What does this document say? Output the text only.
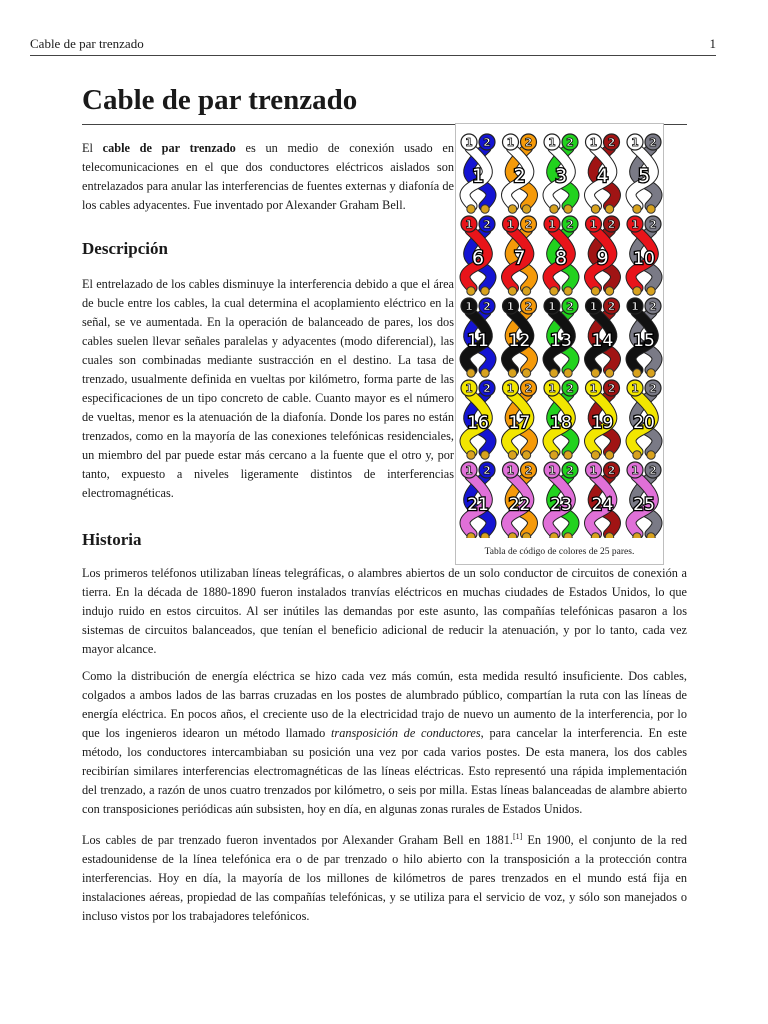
Cable de par trenzado	1
Cable de par trenzado

El cable de par trenzado es un medio de conexión usado en telecomunicaciones en el que dos conductores eléctricos aislados son entrelazados para anular las interferencias de fuentes externas y diafonía de los cables adyacentes. Fue inventado por Alexander Graham Bell.

Descripción

El entrelazado de los cables disminuye la interferencia debido a que el área de bucle entre los cables, la cual determina el acoplamiento eléctrico en la señal, se ve aumentada. En la operación de balanceado de pares, los dos cables suelen llevar señales paralelas y adyacentes (modo diferencial), las cuales son combinadas mediante sustracción en el destino. La tasa de trenzado, usualmente definida en vueltas por kilómetro, forma parte de las especificaciones de un tipo concreto de cable. Cuanto mayor es el número de vueltas, menor es la atenuación de la diafonía. Donde los pares no están trenzados, como en la mayoría de las conexiones telefónicas residenciales, un miembro del par puede estar más cercano a la fuente que el otro y, por tanto, expuesto a niveles ligeramente distintos de interferencias electromagnéticas.

Historia

Los primeros teléfonos utilizaban líneas telegráficas, o alambres abiertos de un solo conductor de circuitos de conexión a tierra. En la década de 1880-1890 fueron instalados tranvías eléctricos en muchas ciudades de Estados Unidos, lo que indujo ruido en estos circuitos. Al ser inútiles las demandas por este asunto, las compañías telefónicas pasaron a los sistemas de circuitos balanceados, que tenían el beneficio adicional de reducir la atenuación, y por lo tanto, cada vez mayor alcance.

Como la distribución de energía eléctrica se hizo cada vez más común, esta medida resultó insuficiente. Dos cables, colgados a ambos lados de las barras cruzadas en los postes de alumbrado público, compartían la ruta con las líneas de energía eléctrica. En pocos años, el creciente uso de la electricidad trajo de nuevo un aumento de la interferencia, por lo que los ingenieros idearon un método llamado transposición de conductores, para cancelar la interferencia. En este método, los conductores intercambiaban su posición una vez por cada varios postes. De esta manera, los dos cables recibirían similares interferencias electromagnéticas de las líneas eléctricas. Esto representó una rápida implementación del trenzado, a razón de unos cuatro trenzados por kilómetro, o seis por milla. Estas líneas balanceadas de alambre abierto con transposiciones periódicas aún subsisten, hoy en día, en algunas zonas rurales de Estados Unidos.

Los cables de par trenzado fueron inventados por Alexander Graham Bell en 1881.[1] En 1900, el conjunto de la red estadounidense de la línea telefónica era o de par trenzado o hilo abierto con la transposición a la protección contra interferencias. Hoy en día, la mayoría de los millones de kilómetros de pares trenzados en el mundo está fija en instalaciones aéreas, propiedad de las compañías telefónicas, y se utiliza para el servicio de voz, y sólo son manejados o incluso vistos por los trabajadores telefónicos.

1 2
1
1 2
2
1 2
3
1 2
4
1 2
5
1 2
6
1 2
7
1 2
8
1 2
9
1 2
10
1 2
11
1 2
12
1 2
13
1 2
14
1 2
15
1 2
16
1 2
17
1 2
18
1 2
19
1 2
20
1 2
21
1 2
22
1 2
23
1 2
24
1 2
25
Tabla de código de colores de 25 pares.
